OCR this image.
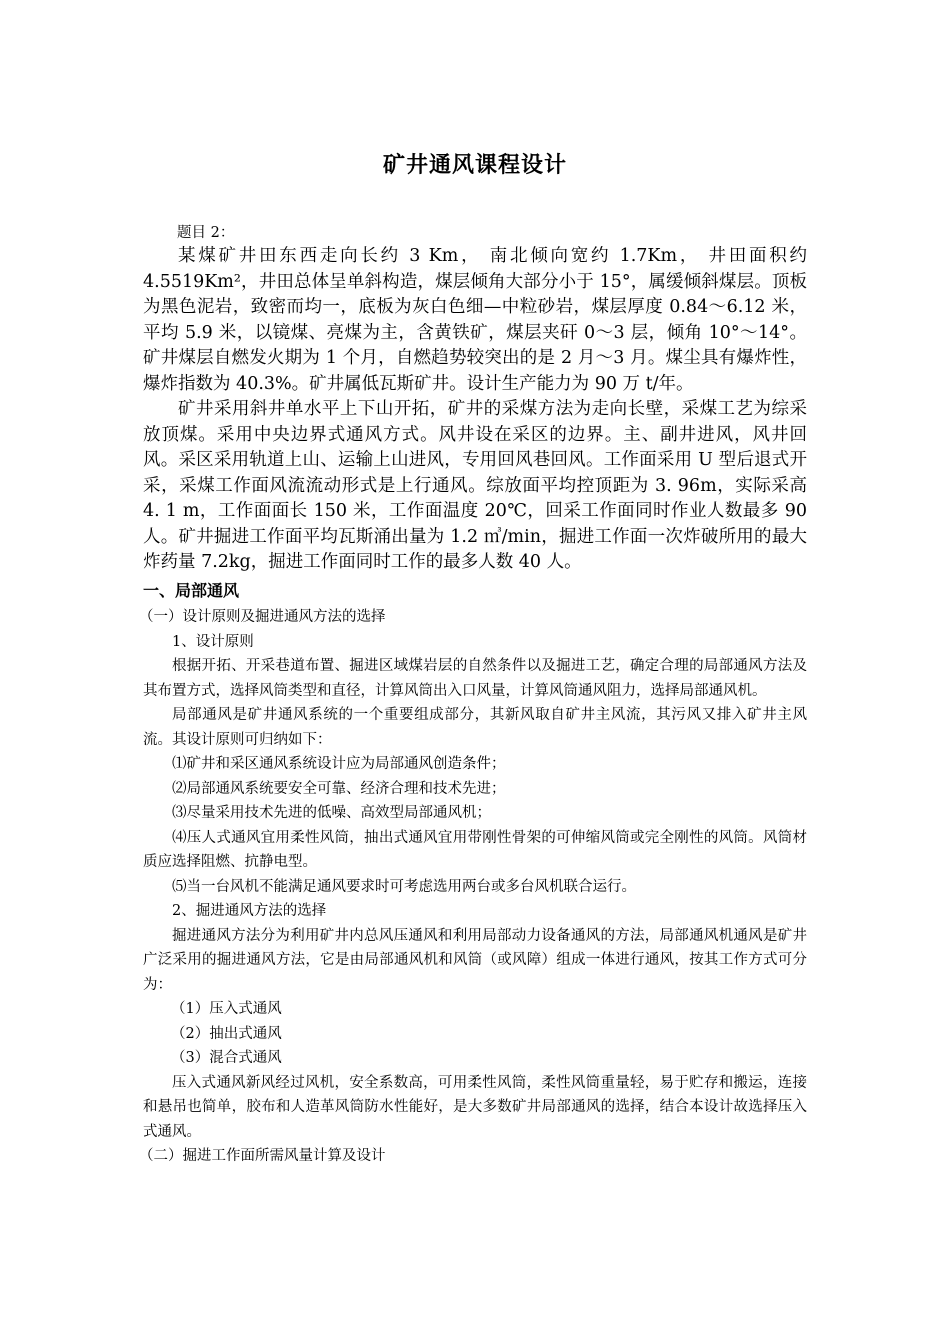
矿井通风课程设计

题目 2：

某煤矿井田东西走向长约 3 Km， 南北倾向宽约 1.7Km， 井田面积约 4.5519Km²，井田总体呈单斜构造，煤层倾角大部分小于 15°，属缓倾斜煤层。顶板为黑色泥岩，致密而均一，底板为灰白色细—中粒砂岩，煤层厚度 0.84～6.12 米，平均 5.9 米，以镜煤、亮煤为主，含黄铁矿，煤层夹矸 0～3 层，倾角 10°～14°。矿井煤层自燃发火期为 1 个月，自燃趋势较突出的是 2 月～3 月。煤尘具有爆炸性，爆炸指数为 40.3%。矿井属低瓦斯矿井。设计生产能力为 90 万 t/年。

矿井采用斜井单水平上下山开拓，矿井的采煤方法为走向长壁，采煤工艺为综采放顶煤。采用中央边界式通风方式。风井设在采区的边界。主、副井进风，风井回风。采区采用轨道上山、运输上山进风，专用回风巷回风。工作面采用 U 型后退式开采，采煤工作面风流流动形式是上行通风。综放面平均控顶距为 3. 96m，实际采高 4. 1 m，工作面面长 150 米，工作面温度 20℃，回采工作面同时作业人数最多 90 人。矿井掘进工作面平均瓦斯涌出量为 1.2 ㎥/min，掘进工作面一次炸破所用的最大炸药量 7.2kg，掘进工作面同时工作的最多人数 40 人。

一、局部通风

（一）设计原则及掘进通风方法的选择

1、设计原则

根据开拓、开采巷道布置、掘进区域煤岩层的自然条件以及掘进工艺，确定合理的局部通风方法及其布置方式，选择风筒类型和直径，计算风筒出入口风量，计算风筒通风阻力，选择局部通风机。

局部通风是矿井通风系统的一个重要组成部分，其新风取自矿井主风流，其污风又排入矿井主风流。其设计原则可归纳如下：

⑴矿井和采区通风系统设计应为局部通风创造条件；

⑵局部通风系统要安全可靠、经济合理和技术先进；

⑶尽量采用技术先进的低噪、高效型局部通风机；

⑷压人式通风宜用柔性风筒，抽出式通风宜用带刚性骨架的可伸缩风筒或完全刚性的风筒。风筒材质应选择阻燃、抗静电型。

⑸当一台风机不能满足通风要求时可考虑选用两台或多台风机联合运行。

2、掘进通风方法的选择

掘进通风方法分为利用矿井内总风压通风和利用局部动力设备通风的方法，局部通风机通风是矿井广泛采用的掘进通风方法，它是由局部通风机和风筒（或风障）组成一体进行通风，按其工作方式可分为：

（1）压入式通风

（2）抽出式通风

（3）混合式通风

压入式通风新风经过风机，安全系数高，可用柔性风筒，柔性风筒重量轻，易于贮存和搬运，连接和悬吊也简单，胶布和人造革风筒防水性能好，是大多数矿井局部通风的选择，结合本设计故选择压入式通风。

（二）掘进工作面所需风量计算及设计
